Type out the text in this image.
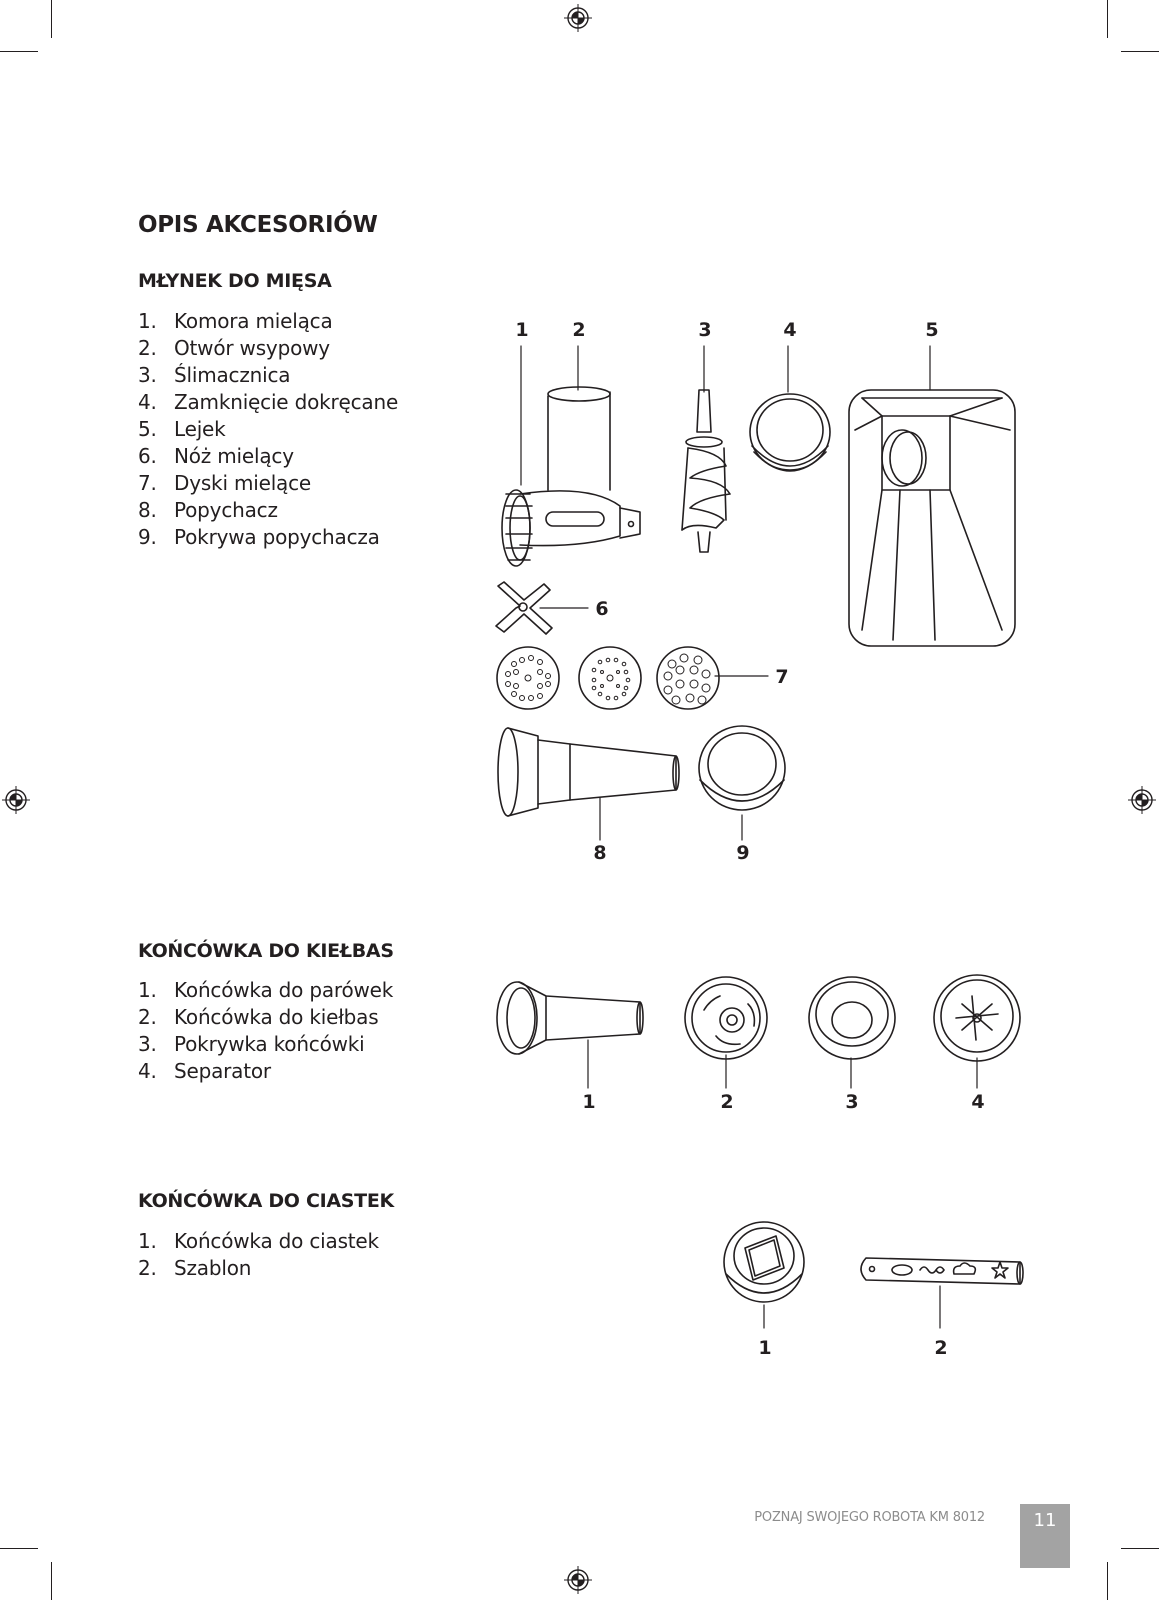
OPIS AKCESORIÓW
MŁYNEK DO MIĘSA
1. Komora mieląca
2. Otwór wsypowy
3. Ślimacznica
4. Zamknięcie dokręcane
5. Lejek
6. Nóż mielący
7. Dyski mielące
8. Popychacz
9. Pokrywa popychacza
1 2	3	4	5
6
7
8	9
KOŃCÓWKA DO KIEŁBAS
1. Końcówka do parówek
2. Końcówka do kiełbas
3. Pokrywka końcówki
4. Separator
1	2	3	4
KOŃCÓWKA DO CIASTEK
1. Końcówka do ciastek
2. Szablon
1	2
POZNAJ SWOJEGO ROBOTA KM 8012	11
